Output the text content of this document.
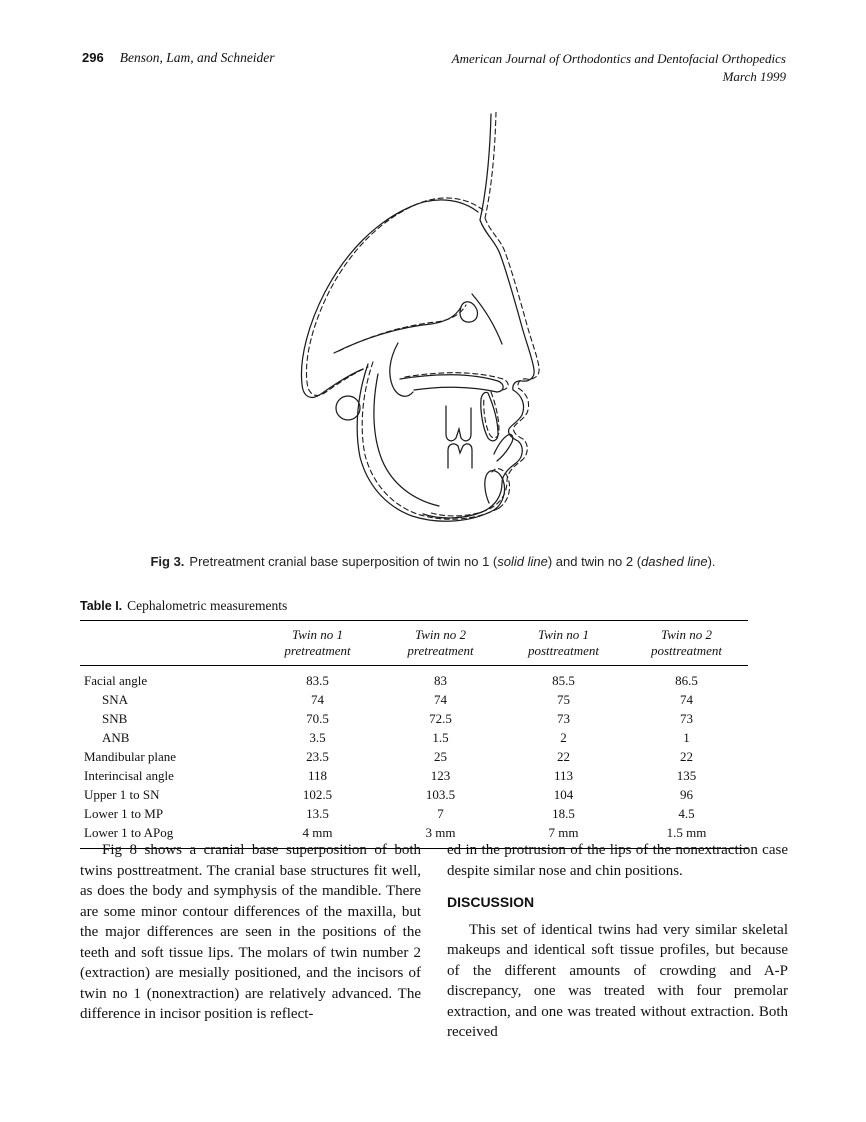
296 Benson, Lam, and Schneider	American Journal of Orthodontics and Dentofacial Orthopedics
March 1999
Fig 3. Pretreatment cranial base superposition of twin no 1 (solid line) and twin no 2 (dashed line).
Table I. Cephalometric measurements

Twin no 1
pretreatment

Twin no 2
pretreatment

Twin no 1
posttreatment

Twin no 2
posttreatment

Facial angle	83.5	83	85.5	86.5
SNA	74	74	75	74
SNB	70.5	72.5	73	73
ANB	3.5	1.5	2	1
Mandibular plane	23.5	25	22	22
Interincisal angle	118	123	113	135
Upper 1 to SN	102.5	103.5	104	96
Lower 1 to MP	13.5	7	18.5	4.5
Lower 1 to APog	4 mm	3 mm	7 mm	1.5 mm

Fig 8 shows a cranial base superposition of both twins posttreatment. The cranial base structures fit well, as does the body and symphysis of the mandible. There are some minor contour differences of the maxilla, but the major differences are seen in the positions of the teeth and soft tissue lips. The molars of twin number 2 (extraction) are mesially positioned, and the incisors of twin no 1 (nonextraction) are relatively advanced. The difference in incisor position is reflect-

ed in the protrusion of the lips of the nonextraction case despite similar nose and chin positions.

DISCUSSION

This set of identical twins had very similar skeletal makeups and identical soft tissue profiles, but because of the different amounts of crowding and A-P discrepancy, one was treated with four premolar extraction, and one was treated without extraction. Both received
